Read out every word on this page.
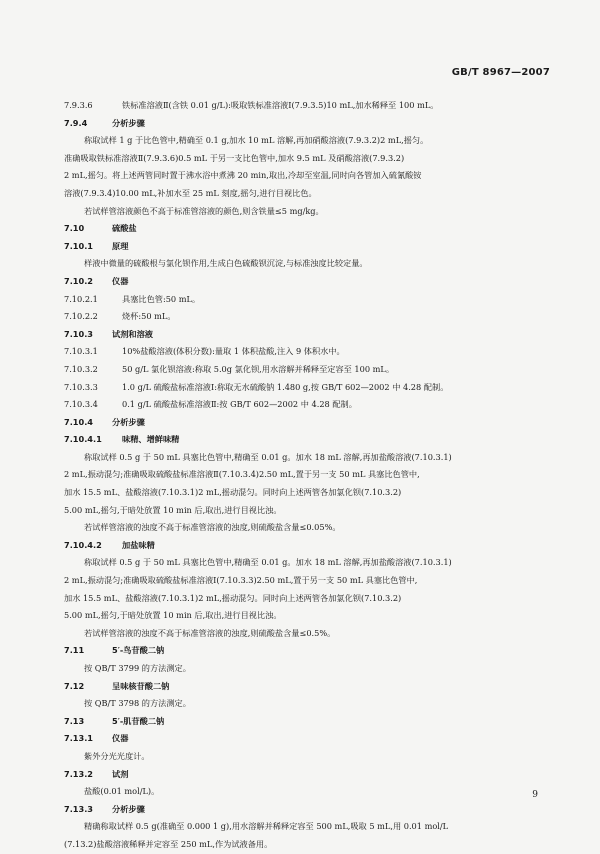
GB/T 8967—2007
7.9.3.6	铁标准溶液Ⅱ(含铁 0.01 g/L):吸取铁标准溶液Ⅰ(7.9.3.5)10 mL,加水稀释至 100 mL。
7.9.4	分析步骤
称取试样 1 g 于比色管中,精确至 0.1 g,加水 10 mL 溶解,再加硝酸溶液(7.9.3.2)2 mL,摇匀。
准确吸取铁标准溶液Ⅱ(7.9.3.6)0.5 mL 于另一支比色管中,加水 9.5 mL 及硝酸溶液(7.9.3.2)
2 mL,摇匀。将上述两管同时置于沸水浴中煮沸 20 min,取出,冷却至室温,同时向各管加入硫氰酸铵
溶液(7.9.3.4)10.00 mL,补加水至 25 mL 刻度,摇匀,进行目视比色。
若试样管溶液颜色不高于标准管溶液的颜色,则含铁量≤5 mg/kg。
7.10	硫酸盐
7.10.1 原理
样液中微量的硫酸根与氯化钡作用,生成白色硫酸钡沉淀,与标准浊度比较定量。
7.10.2 仪器
7.10.2.1	具塞比色管:50 mL。
7.10.2.2	烧杯:50 mL。
7.10.3 试剂和溶液
7.10.3.1	10%盐酸溶液(体积分数):量取 1 体积盐酸,注入 9 体积水中。
7.10.3.2	50 g/L 氯化钡溶液:称取 5.0g 氯化钡,用水溶解并稀释至定容至 100 mL。
7.10.3.3	1.0 g/L 硫酸盐标准溶液Ⅰ:称取无水硫酸钠 1.480 g,按 GB/T 602—2002 中 4.28 配制。
7.10.3.4	0.1 g/L 硫酸盐标准溶液Ⅱ:按 GB/T 602—2002 中 4.28 配制。
7.10.4 分析步骤
7.10.4.1 味精、增鲜味精
称取试样 0.5 g 于 50 mL 具塞比色管中,精确至 0.01 g。加水 18 mL 溶解,再加盐酸溶液(7.10.3.1)
2 mL,振动混匀;准确吸取硫酸盐标准溶液Ⅱ(7.10.3.4)2.50 mL,置于另一支 50 mL 具塞比色管中,
加水 15.5 mL、盐酸溶液(7.10.3.1)2 mL,摇动混匀。同时向上述两管各加氯化钡(7.10.3.2)
5.00 mL,摇匀,于暗处放置 10 min 后,取出,进行目视比浊。
若试样管溶液的浊度不高于标准管溶液的浊度,则硫酸盐含量≤0.05%。
7.10.4.2 加盐味精
称取试样 0.5 g 于 50 mL 具塞比色管中,精确至 0.01 g。加水 18 mL 溶解,再加盐酸溶液(7.10.3.1)
2 mL,振动混匀;准确吸取硫酸盐标准溶液Ⅰ(7.10.3.3)2.50 mL,置于另一支 50 mL 具塞比色管中,
加水 15.5 mL、盐酸溶液(7.10.3.1)2 mL,摇动混匀。同时向上述两管各加氯化钡(7.10.3.2)
5.00 mL,摇匀,于暗处放置 10 min 后,取出,进行目视比浊。
若试样管溶液的浊度不高于标准管溶液的浊度,则硫酸盐含量≤0.5%。
7.11	5′-鸟苷酸二钠
按 QB/T 3799 的方法测定。
7.12	呈味核苷酸二钠
按 QB/T 3798 的方法测定。
7.13	5′-肌苷酸二钠
7.13.1 仪器
紫外分光光度计。
7.13.2 试剂
盐酸(0.01 mol/L)。
7.13.3 分析步骤
精确称取试样 0.5 g(准确至 0.000 1 g),用水溶解并稀释定容至 500 mL,吸取 5 mL,用 0.01 mol/L
(7.13.2)盐酸溶液稀释并定容至 250 mL,作为试液备用。
9
